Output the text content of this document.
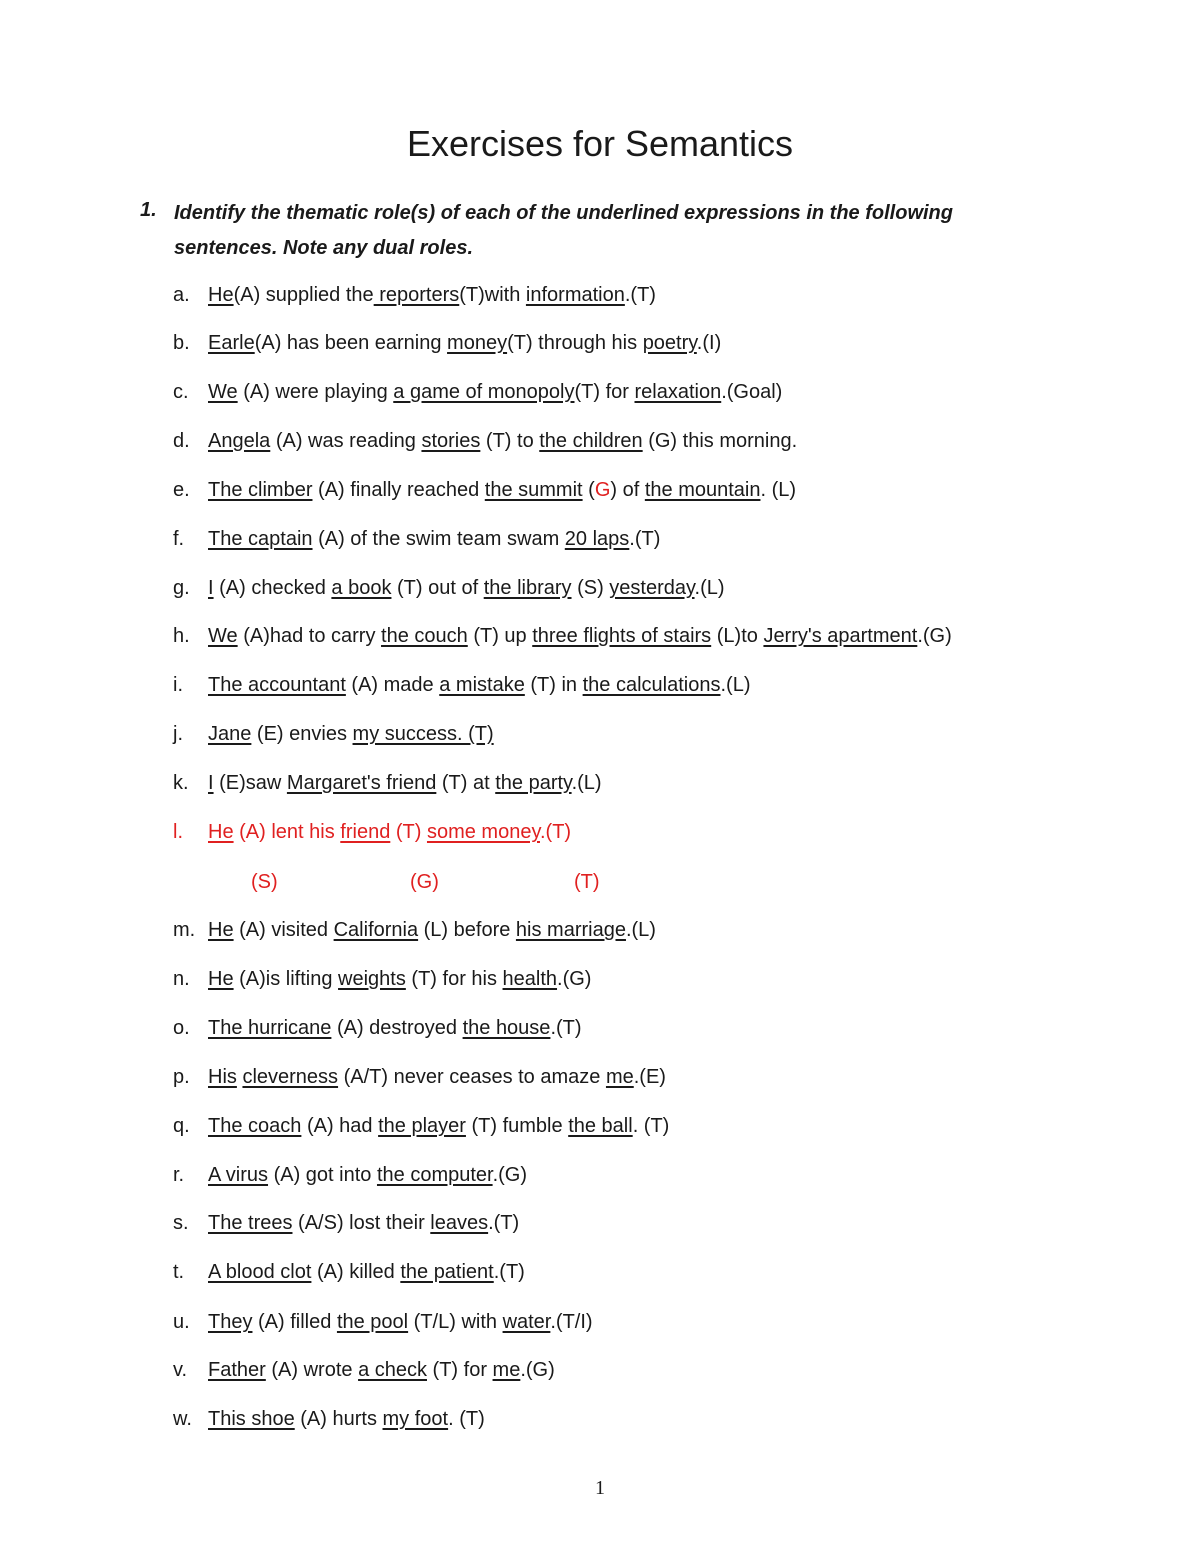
Exercises for Semantics
1. Identify the thematic role(s) of each of the underlined expressions in the following sentences. Note any dual roles.

a. He(A) supplied the reporters(T)with information.(T)
b. Earle(A) has been earning money(T) through his poetry.(I)
c. We (A) were playing a game of monopoly(T) for relaxation.(Goal)
d. Angela (A) was reading stories (T) to the children (G) this morning.
e. The climber (A) finally reached the summit (G) of the mountain. (L)
f. The captain (A) of the swim team swam 20 laps.(T)
g. I (A) checked a book (T) out of the library (S) yesterday.(L)
h. We (A)had to carry the couch (T) up three flights of stairs (L)to Jerry's apartment.(G)
i. The accountant (A) made a mistake (T) in the calculations.(L)
j. Jane (E) envies my success. (T)
k. I (E)saw Margaret's friend (T) at the party.(L)
l. He (A) lent his friend (T) some money.(T)
m. He (A) visited California (L) before his marriage.(L)
n. He (A)is lifting weights (T) for his health.(G)
o. The hurricane (A) destroyed the house.(T)
p. His cleverness (A/T) never ceases to amaze me.(E)
q. The coach (A) had the player (T) fumble the ball. (T)
r. A virus (A) got into the computer.(G)
s. The trees (A/S) lost their leaves.(T)
t. A blood clot (A) killed the patient.(T)
u. They (A) filled the pool (T/L) with water.(T/I)
v. Father (A) wrote a check (T) for me.(G)
w. This shoe (A) hurts my foot. (T)
(S)	(G)	(T)
1
